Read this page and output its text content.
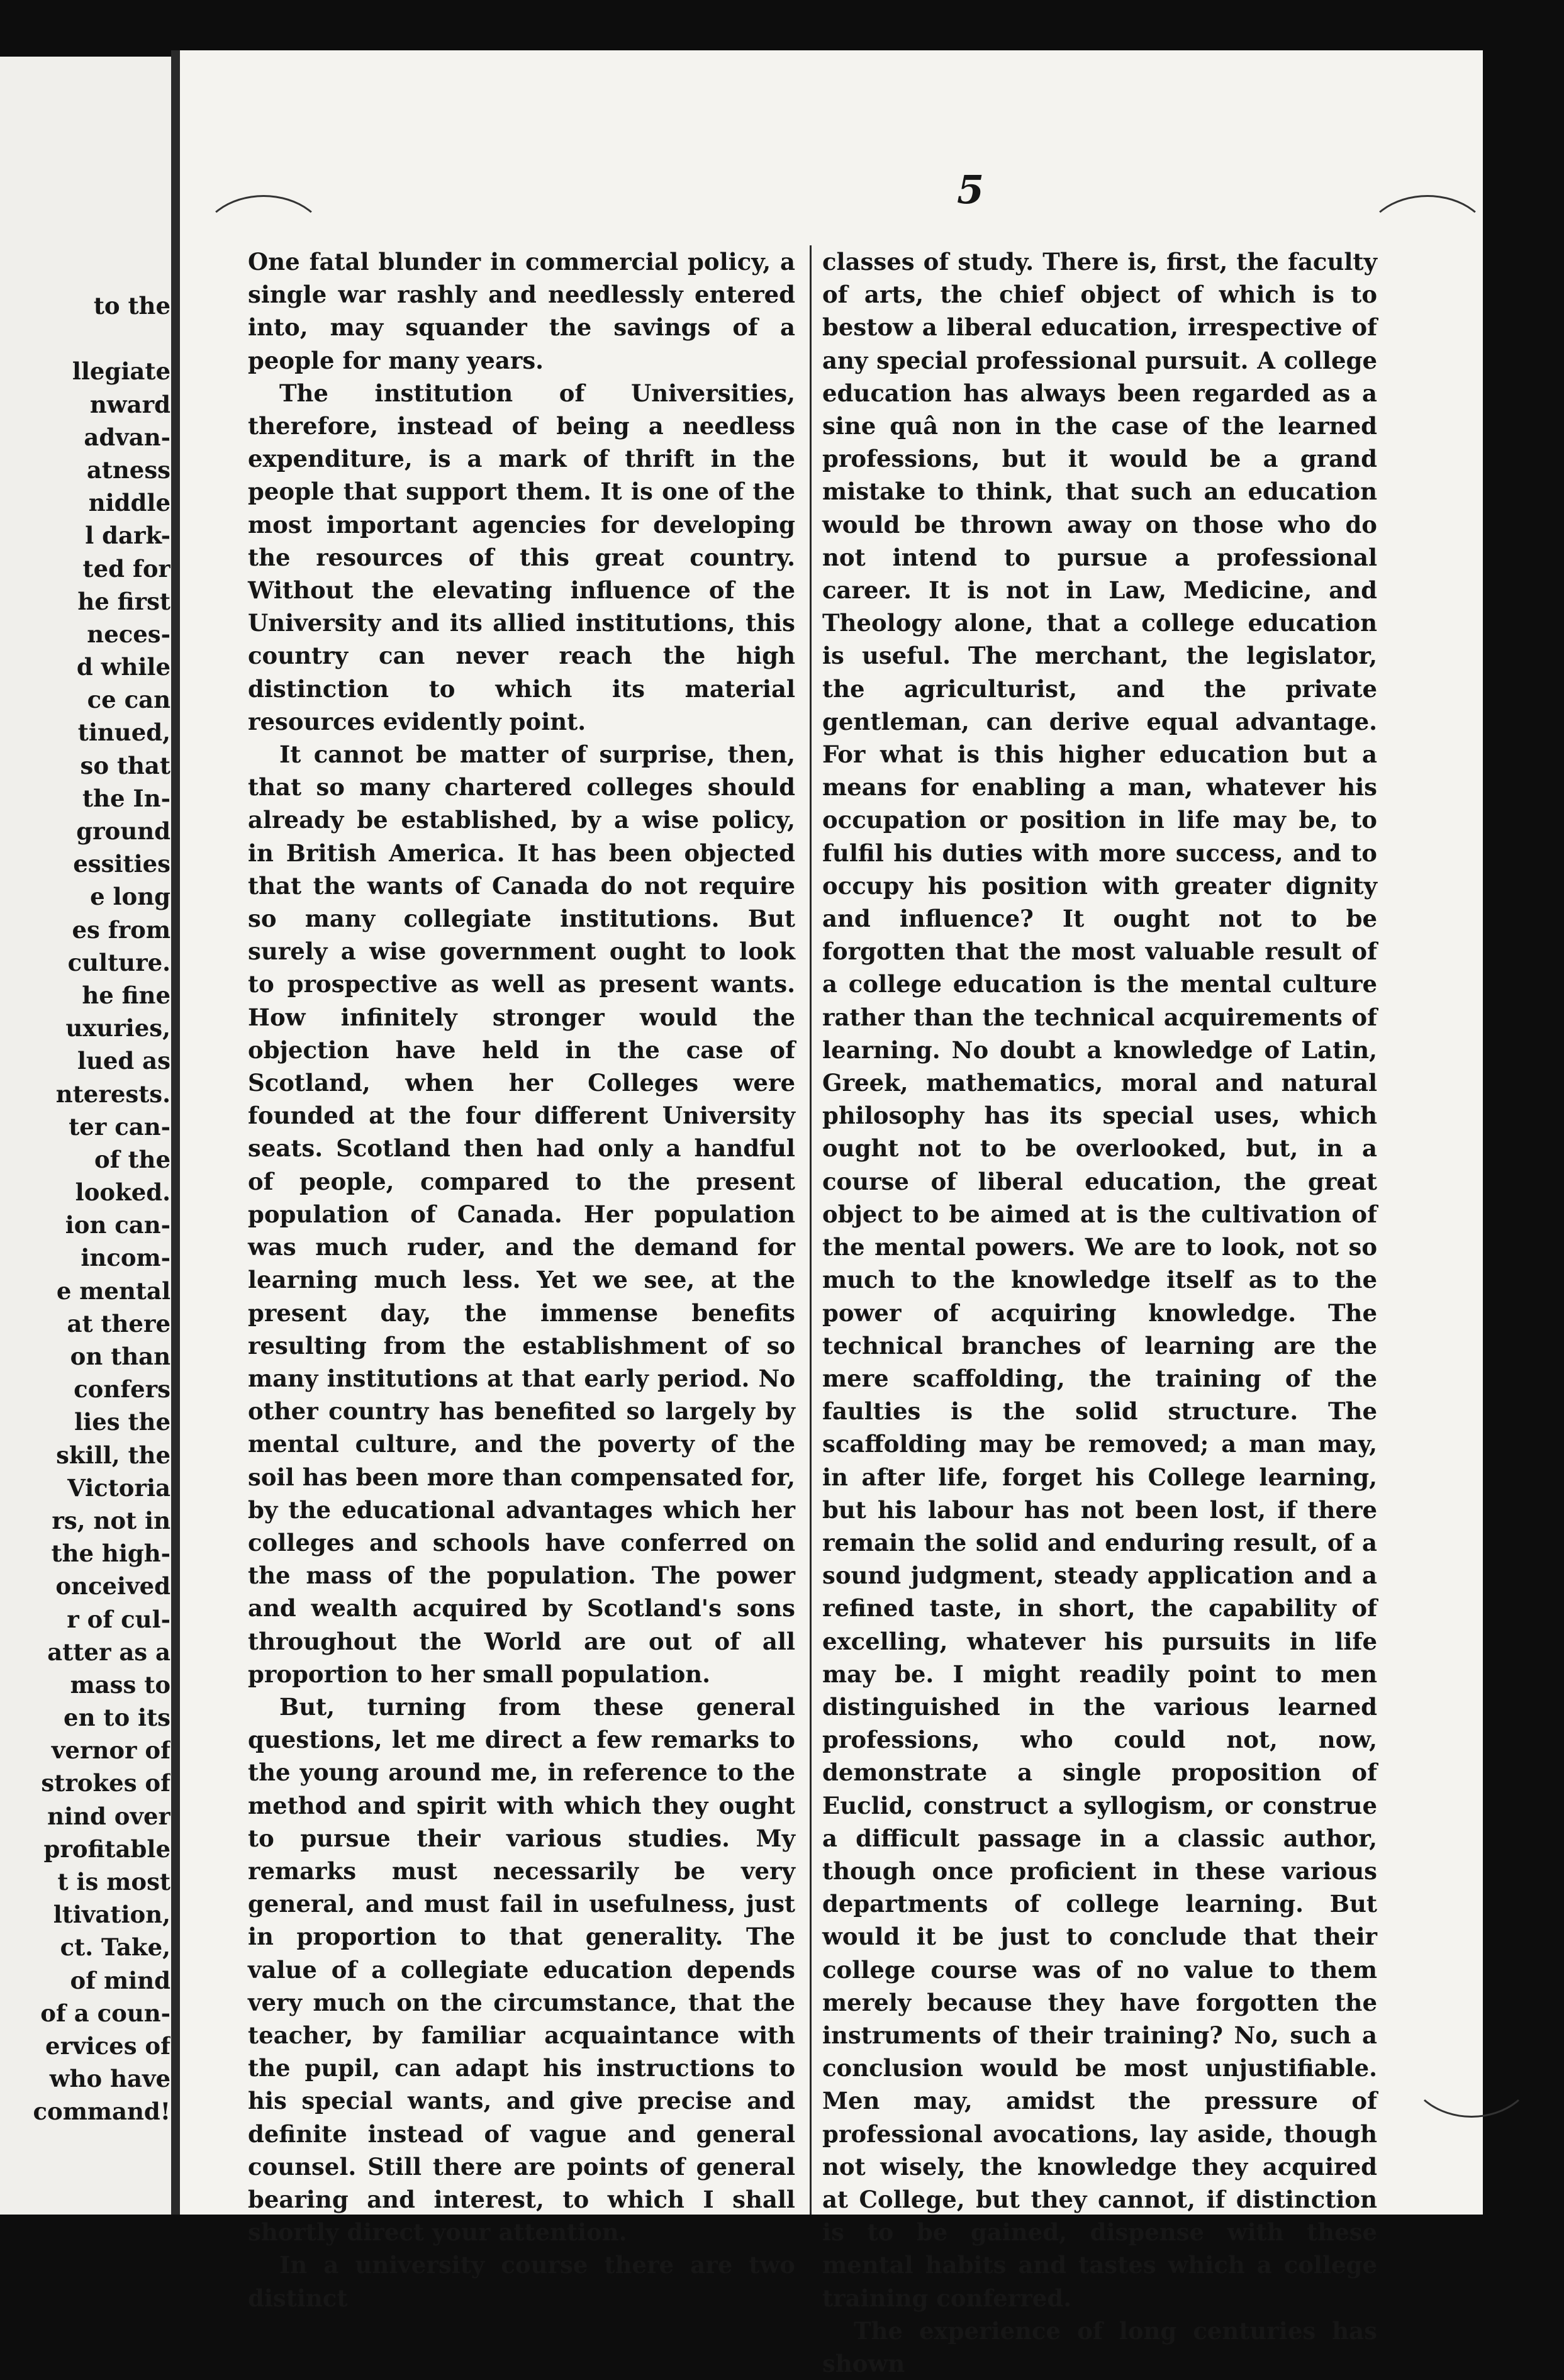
to the
llegiate
nward
advan-
atness
niddle
l dark-
ted for
he first
neces-
d while
ce can
tinued,
so that
the In-
ground
essities
e long
es from
culture.
he fine
uxuries,
lued as
nterests.
ter can-
of the
looked.
ion can-
incom-
e mental
at there
on than
confers
lies the
skill, the
Victoria
rs, not in
the high-
onceived
r of cul-
atter as a
mass to
en to its
vernor of
strokes of
nind over
profitable
t is most
ltivation,
ct. Take,
of mind
of a coun-
ervices of
who have
command!
5

One fatal blunder in commercial policy, a single war rashly and needlessly entered into, may squander the savings of a people for many years.

The institution of Universities, therefore, instead of being a needless expenditure, is a mark of thrift in the people that support them. It is one of the most important agencies for developing the resources of this great country. Without the elevating influence of the University and its allied institutions, this country can never reach the high distinction to which its material resources evidently point.

It cannot be matter of surprise, then, that so many chartered colleges should already be established, by a wise policy, in British America. It has been objected that the wants of Canada do not require so many collegiate institutions. But surely a wise government ought to look to prospective as well as present wants. How infinitely stronger would the objection have held in the case of Scotland, when her Colleges were founded at the four different University seats. Scotland then had only a handful of people, compared to the present population of Canada. Her population was much ruder, and the demand for learning much less. Yet we see, at the present day, the immense benefits resulting from the establishment of so many institutions at that early period. No other country has benefited so largely by mental culture, and the poverty of the soil has been more than compensated for, by the educational advantages which her colleges and schools have conferred on the mass of the population. The power and wealth acquired by Scotland's sons throughout the World are out of all proportion to her small population.

But, turning from these general questions, let me direct a few remarks to the young around me, in reference to the method and spirit with which they ought to pursue their various studies. My remarks must necessarily be very general, and must fail in usefulness, just in proportion to that generality. The value of a collegiate education depends very much on the circumstance, that the teacher, by familiar acquaintance with the pupil, can adapt his instructions to his special wants, and give precise and definite instead of vague and general counsel. Still there are points of general bearing and interest, to which I shall shortly direct your attention.

In a university course there are two distinct

classes of study. There is, first, the faculty of arts, the chief object of which is to bestow a liberal education, irrespective of any special professional pursuit. A college education has always been regarded as a sine quâ non in the case of the learned professions, but it would be a grand mistake to think, that such an education would be thrown away on those who do not intend to pursue a professional career. It is not in Law, Medicine, and Theology alone, that a college education is useful. The merchant, the legislator, the agriculturist, and the private gentleman, can derive equal advantage. For what is this higher education but a means for enabling a man, whatever his occupation or position in life may be, to fulfil his duties with more success, and to occupy his position with greater dignity and influence? It ought not to be forgotten that the most valuable result of a college education is the mental culture rather than the technical acquirements of learning. No doubt a knowledge of Latin, Greek, mathematics, moral and natural philosophy has its special uses, which ought not to be overlooked, but, in a course of liberal education, the great object to be aimed at is the cultivation of the mental powers. We are to look, not so much to the knowledge itself as to the power of acquiring knowledge. The technical branches of learning are the mere scaffolding, the training of the faulties is the solid structure. The scaffolding may be removed; a man may, in after life, forget his College learning, but his labour has not been lost, if there remain the solid and enduring result, of a sound judgment, steady application and a refined taste, in short, the capability of excelling, whatever his pursuits in life may be. I might readily point to men distinguished in the various learned professions, who could not, now, demonstrate a single proposition of Euclid, construct a syllogism, or construe a difficult passage in a classic author, though once proficient in these various departments of college learning. But would it be just to conclude that their college course was of no value to them merely because they have forgotten the instruments of their training? No, such a conclusion would be most unjustifiable. Men may, amidst the pressure of professional avocations, lay aside, though not wisely, the knowledge they acquired at College, but they cannot, if distinction is to be gained, dispense with these mental habits and tastes which a college training conferred.

The experience of long centuries has shown
